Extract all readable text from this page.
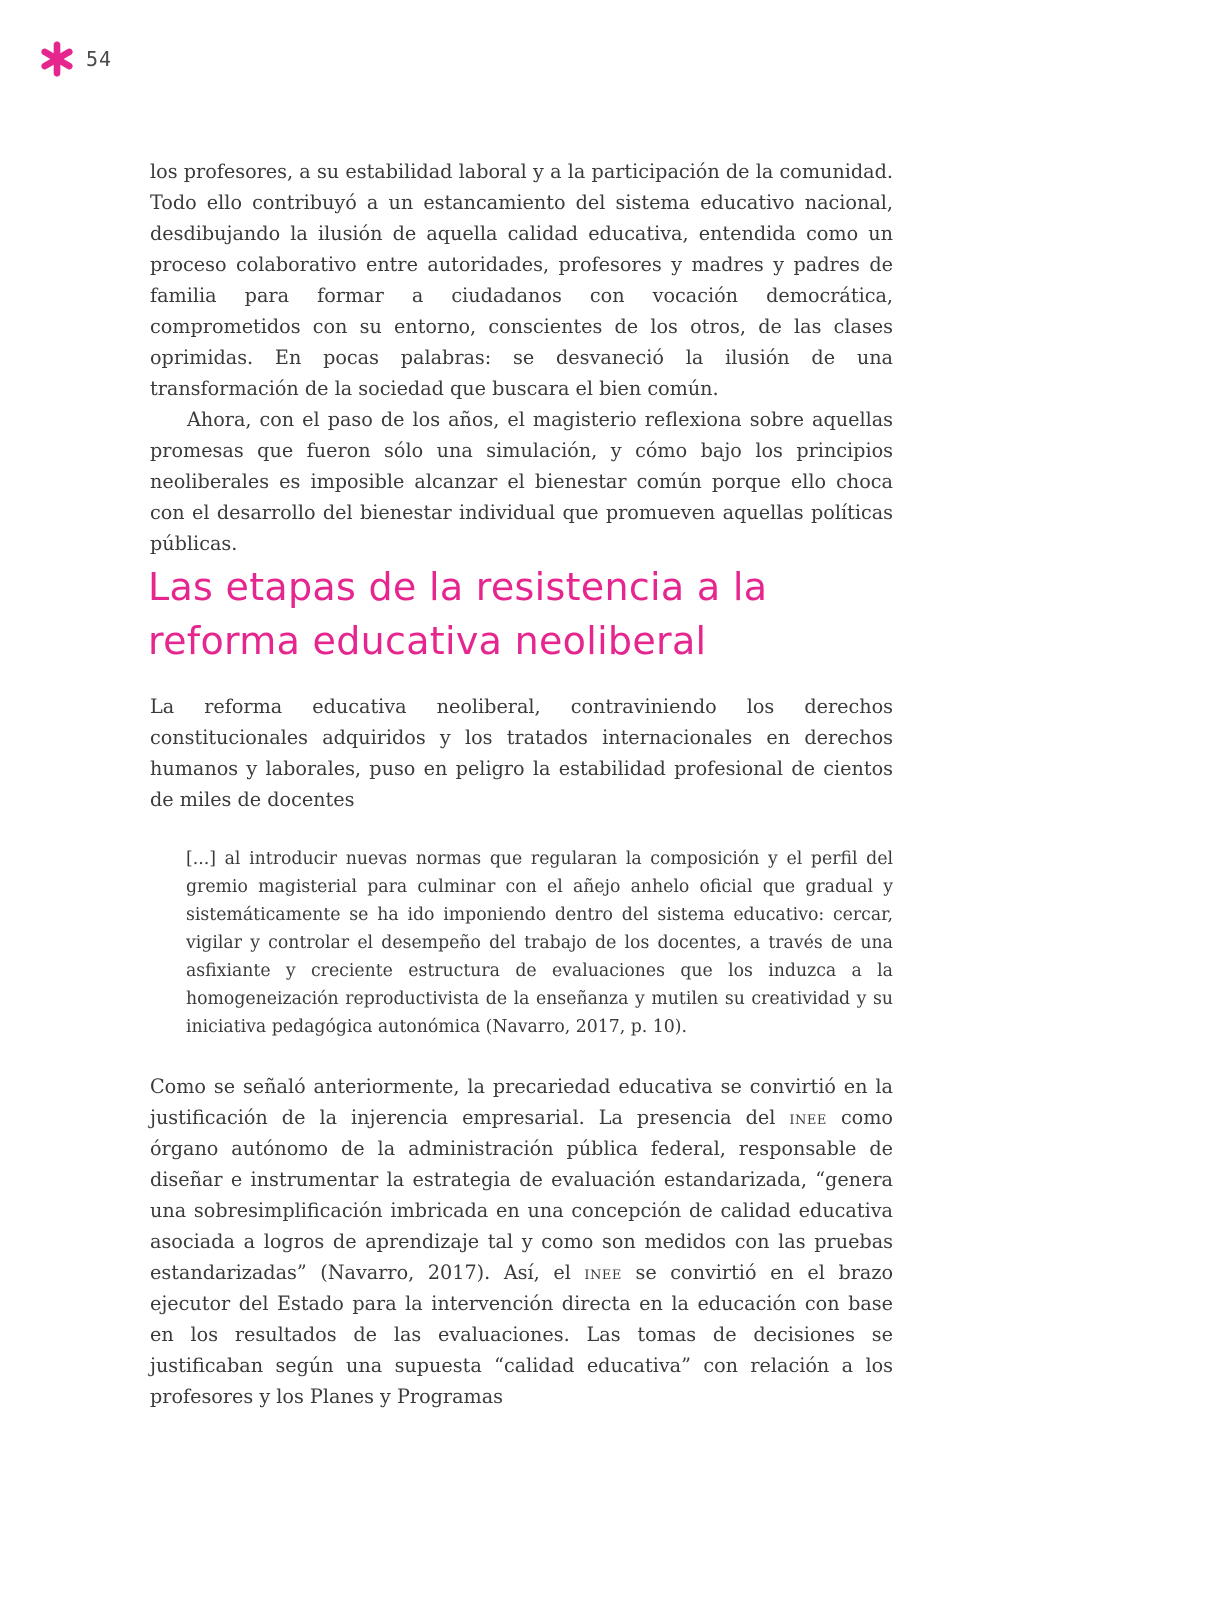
54

los profesores, a su estabilidad laboral y a la participación de la comunidad. Todo ello contribuyó a un estancamiento del sistema educativo nacional, desdibujando la ilusión de aquella calidad educativa, entendida como un proceso colaborativo entre autoridades, profesores y madres y padres de familia para formar a ciudadanos con vocación democrática, comprometidos con su entorno, conscientes de los otros, de las clases oprimidas. En pocas palabras: se desvaneció la ilusión de una transformación de la sociedad que buscara el bien común.

Ahora, con el paso de los años, el magisterio reflexiona sobre aquellas promesas que fueron sólo una simulación, y cómo bajo los principios neoliberales es imposible alcanzar el bienestar común porque ello choca con el desarrollo del bienestar individual que promueven aquellas políticas públicas.

Las etapas de la resistencia a la
reforma educativa neoliberal

La reforma educativa neoliberal, contraviniendo los derechos constitucionales adquiridos y los tratados internacionales en derechos humanos y laborales, puso en peligro la estabilidad profesional de cientos de miles de docentes

[...] al introducir nuevas normas que regularan la composición y el perfil del gremio magisterial para culminar con el añejo anhelo oficial que gradual y sistemáticamente se ha ido imponiendo dentro del sistema educativo: cercar, vigilar y controlar el desempeño del trabajo de los docentes, a través de una asfixiante y creciente estructura de evaluaciones que los induzca a la homogeneización reproductivista de la enseñanza y mutilen su creatividad y su iniciativa pedagógica autonómica (Navarro, 2017, p. 10).

Como se señaló anteriormente, la precariedad educativa se convirtió en la justificación de la injerencia empresarial. La presencia del inee como órgano autónomo de la administración pública federal, responsable de diseñar e instrumentar la estrategia de evaluación estandarizada, “genera una sobresimplificación imbricada en una concepción de calidad educativa asociada a logros de aprendizaje tal y como son medidos con las pruebas estandarizadas” (Navarro, 2017). Así, el inee se convirtió en el brazo ejecutor del Estado para la intervención directa en la educación con base en los resultados de las evaluaciones. Las tomas de decisiones se justificaban según una supuesta “calidad educativa” con relación a los profesores y los Planes y Programas
